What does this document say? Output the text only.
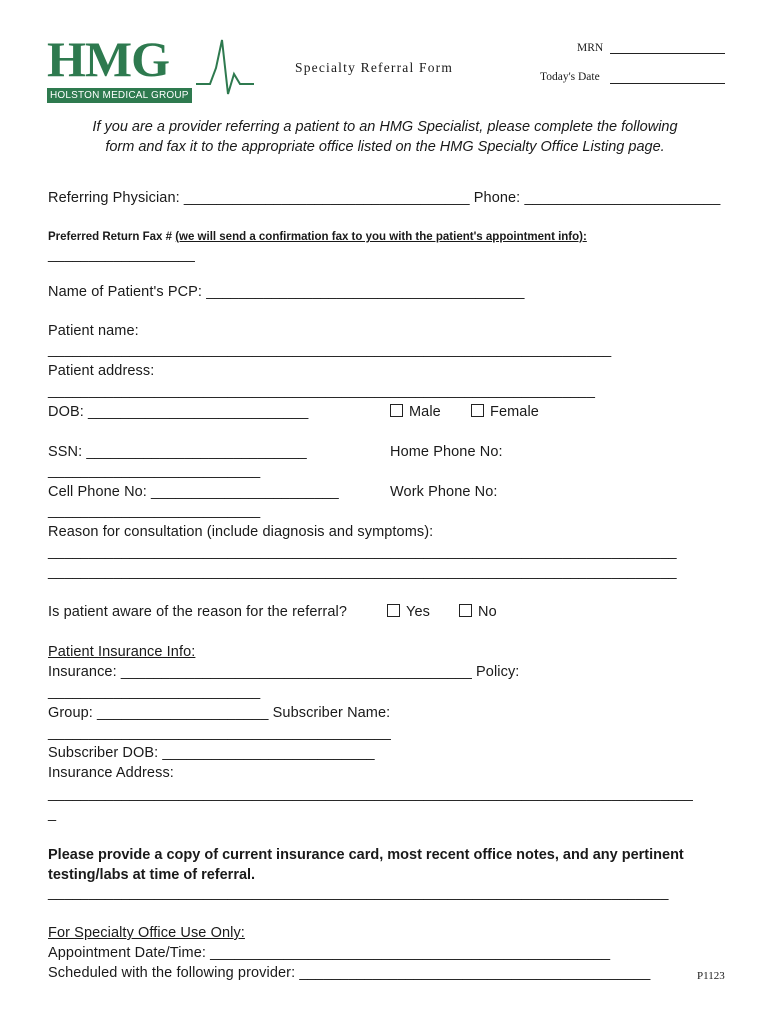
HMG
HOLSTON MEDICAL GROUP
Specialty Referral Form
MRN
Today's Date
If you are a provider referring a patient to an HMG Specialist, please complete the following
form and fax it to the appropriate office listed on the HMG Specialty Office Listing page.
Referring Physician: ___________________________________ Phone: ________________________
Preferred Return Fax # (we will send a confirmation fax to you with the patient's appointment info):
__________________
Name of Patient's PCP: _______________________________________
Patient name:
_____________________________________________________________________
Patient address:
___________________________________________________________________
DOB: ___________________________	Male	Female
SSN: ___________________________	Home Phone No:
__________________________
Cell Phone No: _______________________	Work Phone No:
__________________________
Reason for consultation (include diagnosis and symptoms):
_____________________________________________________________________________
_____________________________________________________________________________
Is patient aware of the reason for the referral?	Yes	No
Patient Insurance Info:
Insurance: ___________________________________________ Policy:
__________________________
Group: _____________________ Subscriber Name:
__________________________________________
Subscriber DOB: __________________________
Insurance Address:
_______________________________________________________________________________
_
Please provide a copy of current insurance card, most recent office notes, and any pertinent
testing/labs at time of referral.
____________________________________________________________________________
For Specialty Office Use Only:
Appointment Date/Time: _________________________________________________
Scheduled with the following provider: ___________________________________________	P1123
